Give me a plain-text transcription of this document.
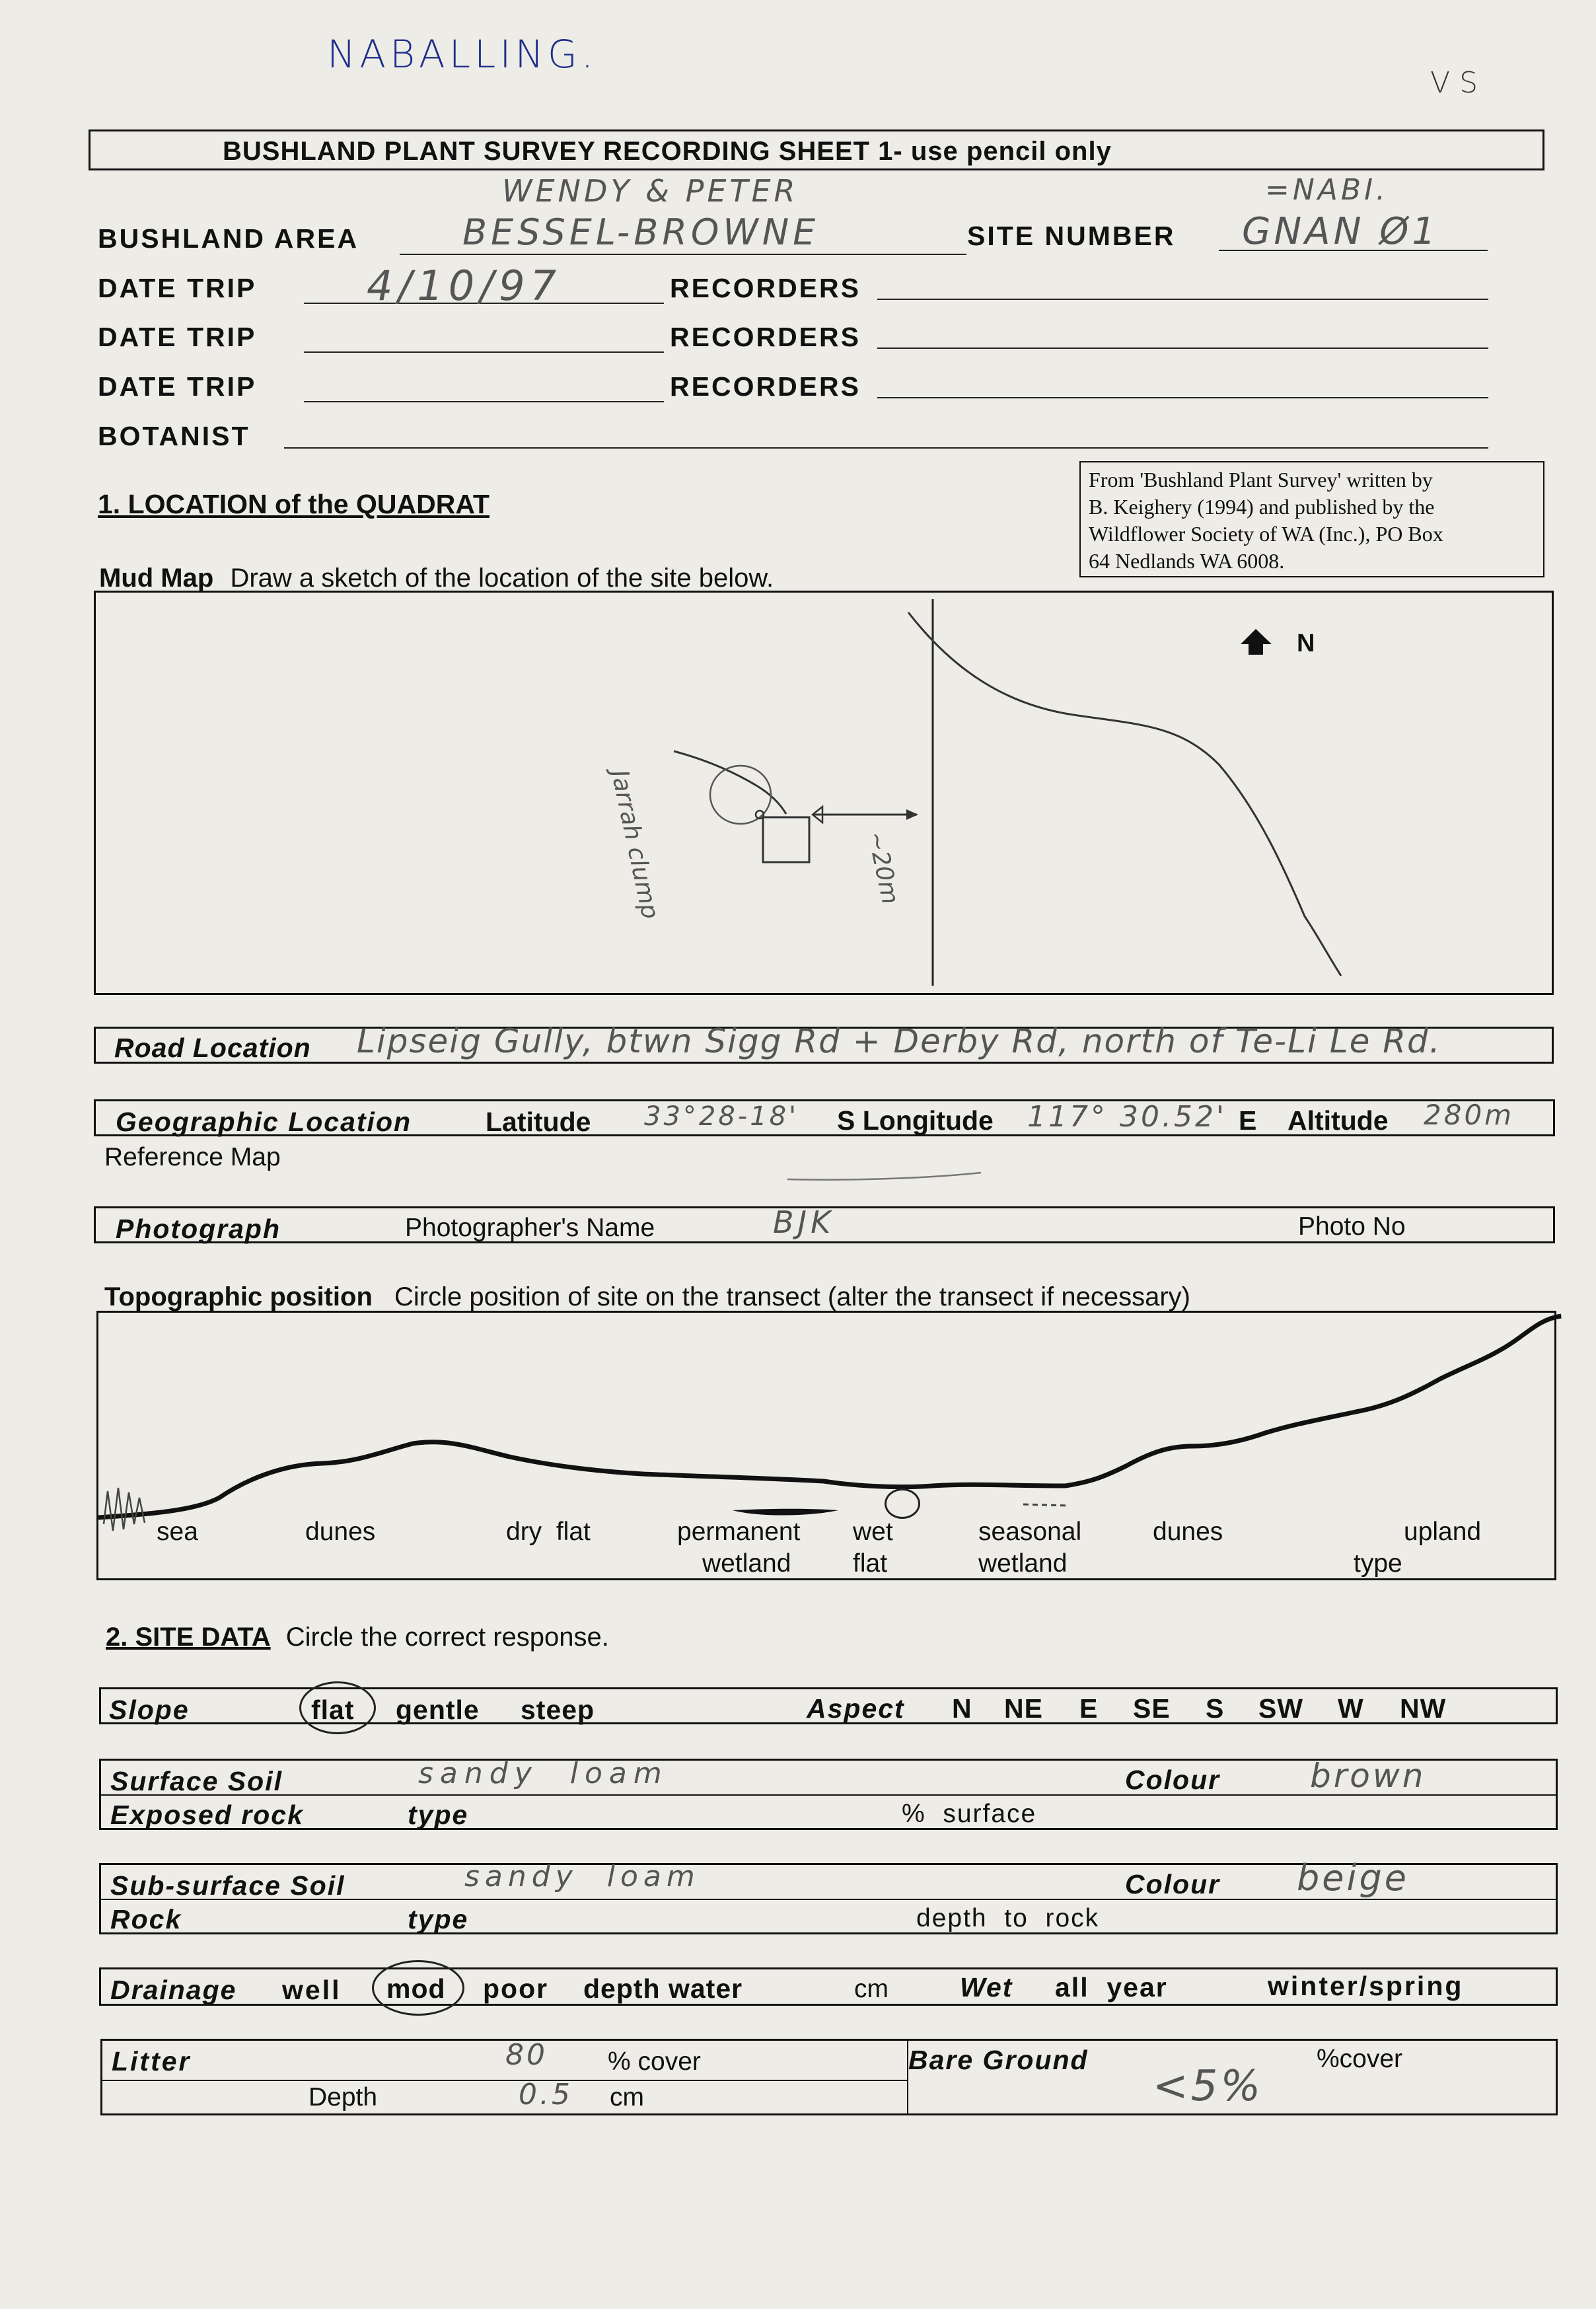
NABALLING.
V S
BUSHLAND PLANT SURVEY RECORDING SHEET 1- use pencil only
WENDY & PETER
BUSHLAND AREA	BESSEL-BROWNE	SITE NUMBER
=NABI.
GNAN Ø1
DATE TRIP	4/10/97	RECORDERS
DATE TRIP	RECORDERS
DATE TRIP	RECORDERS
BOTANIST
1. LOCATION of the QUADRAT
From 'Bushland Plant Survey' written by
B. Keighery (1994) and published by the
Wildflower Society of WA (Inc.), PO Box
64 Nedlands WA 6008.
Mud Map Draw a sketch of the location of the site below.
N
Jarrah clump	~20m
Road Location Lipseig Gully, btwn Sigg Rd + Derby Rd, north of Te-Li Le Rd.
Geographic Location	Latitude 33°28-18' S Longitude 117° 30.52' E Altitude 280m
Reference Map
Photograph	Photographer's Name	BJK	Photo No
Topographic position Circle position of site on the transect (alter the transect if necessary)
sea	dunes	dry  flat	permanent
wetland
wet
flat
seasonal
wetland
dunes	upland
type
2. SITE DATA Circle the correct response.
Slope	flat gentle steep	Aspect N NE E SE S SW W NW
Surface Soil	sandy  loam	Colour	brown
Exposed rock	type	%  surface
Sub-surface Soil	sandy  loam	Colour beige
Rock	type	depth  to  rock
Drainage well mod poor depth water	cm	Wet all  year	winter/spring
Litter	80 % cover
Depth	0.5 cm
Bare Ground
<5%
%cover
